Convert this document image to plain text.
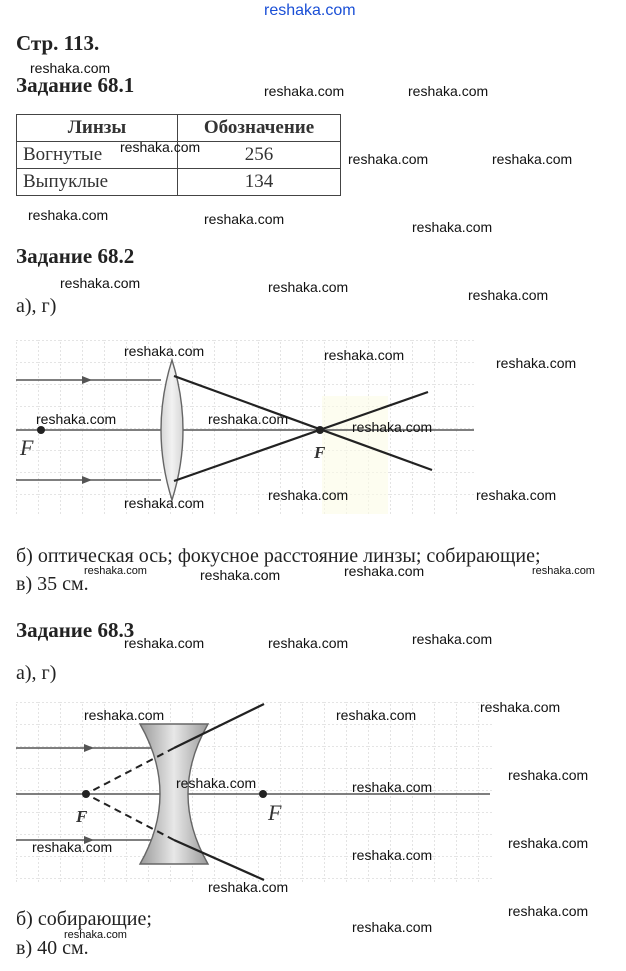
reshaka.com
Стр. 113.
Задание 68.1
Линзы	Обозначение
Вогнутые	256
Выпуклые	134
Задание 68.2
а), г)
F	F
б) оптическая ось; фокусное расстояние линзы; собирающие;
в) 35 см.
Задание 68.3
а), г)
F	F
б) собирающие;
в) 40 см.
reshaka.com
reshaka.com	reshaka.com
reshaka.com
reshaka.com	reshaka.com
reshaka.com	reshaka.com	reshaka.com
reshaka.com	reshaka.com	reshaka.com
reshaka.com	reshaka.com	reshaka.com
reshaka.com	reshaka.com	reshaka.com
reshaka.com	reshaka.com
reshaka.com
reshaka.com	reshaka.com	reshaka.com	reshaka.com
reshaka.com	reshaka.com	reshaka.com
reshaka.com
reshaka.com	reshaka.com
reshaka.com
reshaka.com	reshaka.com
reshaka.com
reshaka.com	reshaka.com
reshaka.com
reshaka.com
reshaka.com
reshaka.com
